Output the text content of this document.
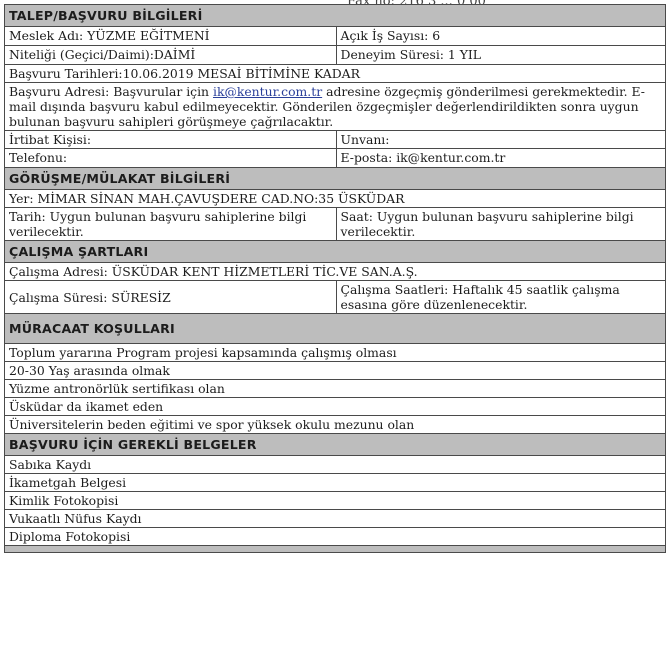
TALEP/BAŞVURU BİLGİLERİ	
Meslek Adı: YÜZME EĞİTMENİ	Açık İş Sayısı: 6
Niteliği (Geçici/Daimi):DAİMİ	Deneyim Süresi: 1 YIL
Başvuru Tarihleri:10.06.2019 MESAİ BİTİMİNE KADAR	
Başvuru Adresi: Başvurular için ik@kentur.com.tr adresine özgeçmiş gönderilmesi gerekmektedir. E-mail dışında başvuru kabul edilmeyecektir. Gönderilen özgeçmişler değerlendirildikten sonra uygun bulunan başvuru sahipleri görüşmeye çağrılacaktır.	
İrtibat Kişisi:	Unvanı:
Telefonu:	E-posta: ik@kentur.com.tr
GÖRÜŞME/MÜLAKAT BİLGİLERİ	
Yer: MİMAR SİNAN MAH.ÇAVUŞDERE CAD.NO:35 ÜSKÜDAR	
Tarih: Uygun bulunan başvuru sahiplerine bilgi verilecektir.	Saat: Uygun bulunan başvuru sahiplerine bilgi verilecektir.
ÇALIŞMA ŞARTLARI	
Çalışma Adresi: ÜSKÜDAR KENT HİZMETLERİ TİC.VE SAN.A.Ş.	
Çalışma Süresi: SÜRESİZ	Çalışma Saatleri: Haftalık 45 saatlik çalışma esasına göre düzenlenecektir.
MÜRACAAT KOŞULLARI	
Toplum yararına Program projesi kapsamında çalışmış olması	
20-30 Yaş arasında olmak	
Yüzme antronörlük sertifikası olan	
Üsküdar da ikamet eden	
Üniversitelerin beden eğitimi ve spor yüksek okulu mezunu olan	
BAŞVURU İÇİN GEREKLİ BELGELER	
Sabıka Kaydı	
İkametgah Belgesi	
Kimlik Fotokopisi	
Vukaatlı Nüfus Kaydı	
Diploma Fotokopisi	
